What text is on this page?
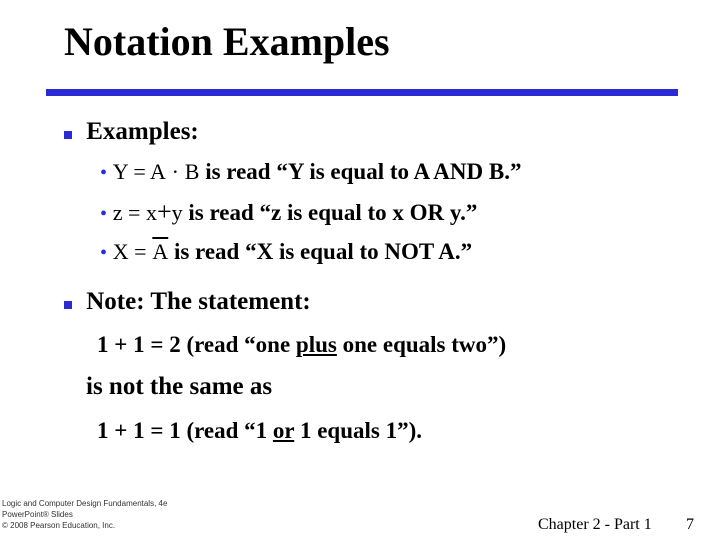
Notation Examples
Examples:
• Y = A · B is read “Y is equal to A AND B.”
• z = x+y is read “z is equal to x OR y.”
• $X = \overline{A}$ is read “X is equal to NOT A.”
Note: The statement:
1 + 1 = 2 (read “one plus one equals two”)
is not the same as
1 + 1 = 1 (read “1 or 1 equals 1”).
Logic and Computer Design Fundamentals, 4e
PowerPoint® Slides
© 2008 Pearson Education, Inc.	Chapter 2 - Part 1 7
